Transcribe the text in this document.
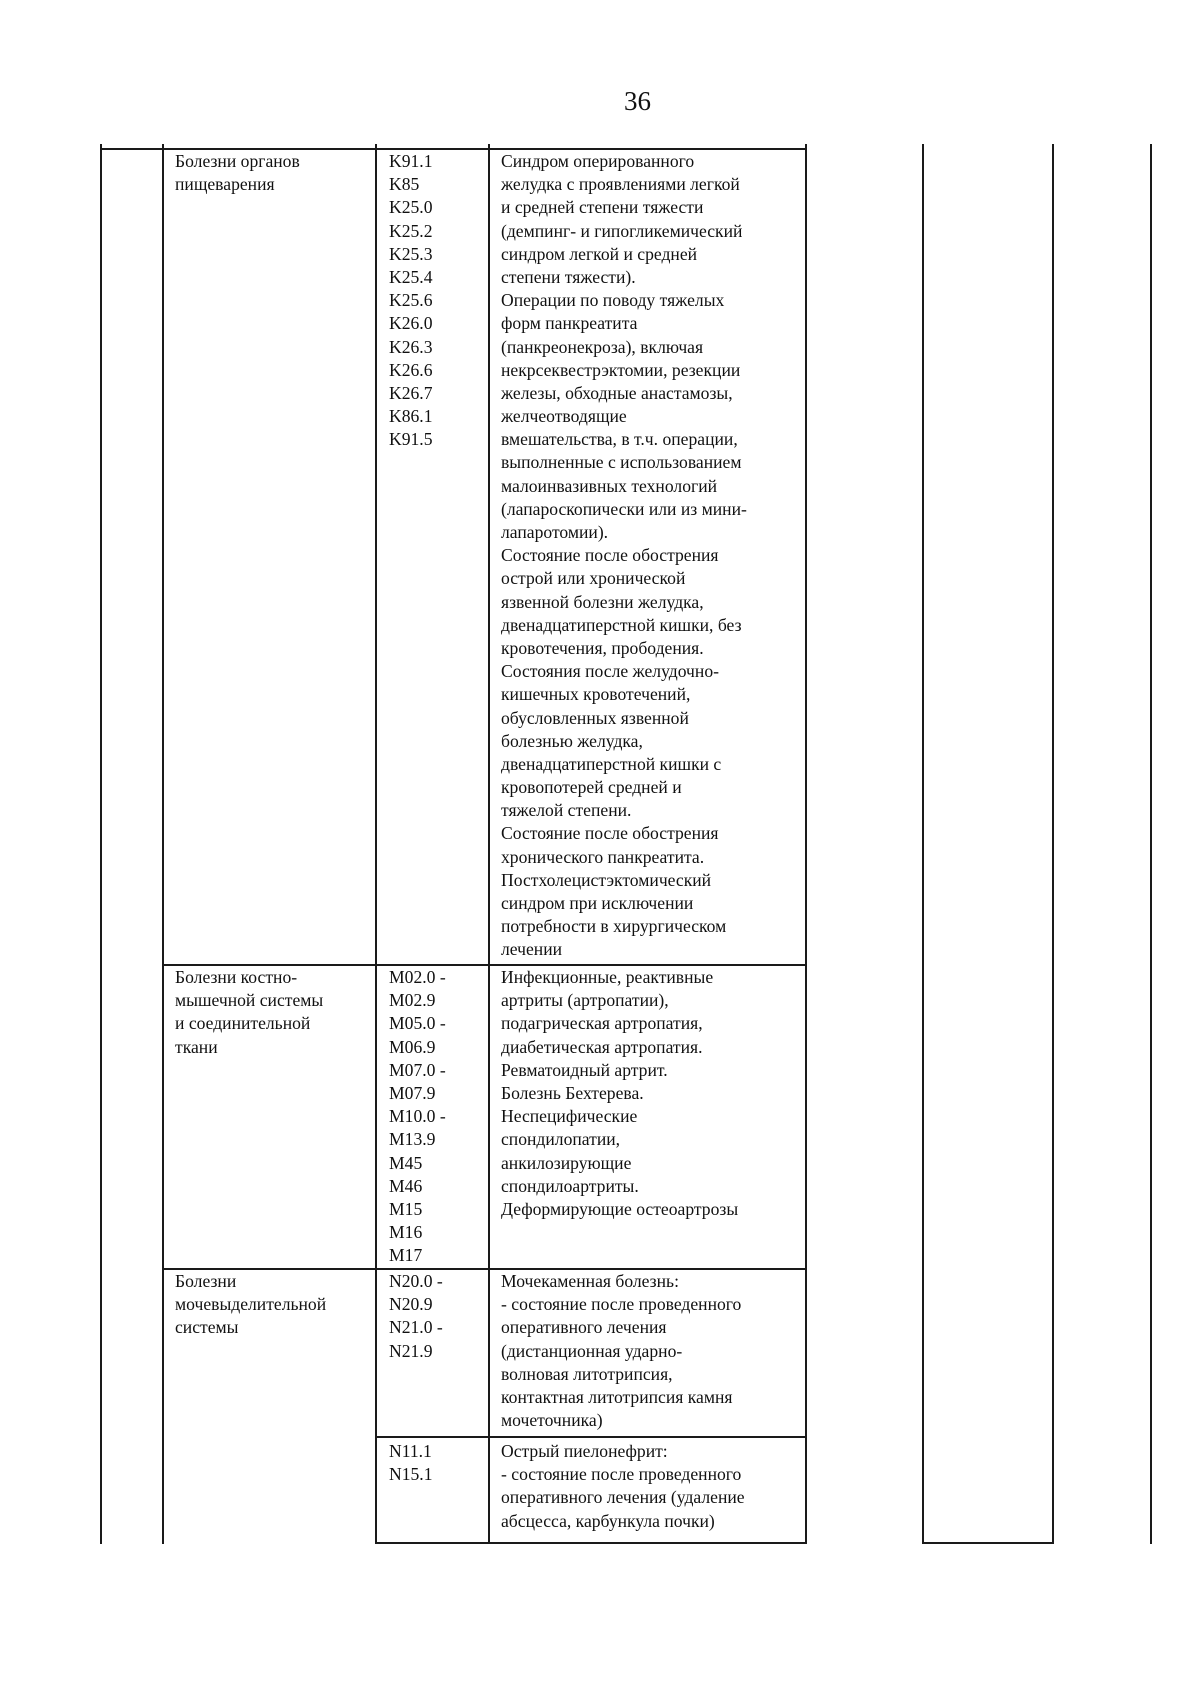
36
Болезни органов
пищеварения
K91.1
K85
K25.0
K25.2
K25.3
K25.4
K25.6
K26.0
K26.3
K26.6
K26.7
K86.1
K91.5
Синдром оперированного
желудка с проявлениями легкой
и средней степени тяжести
(демпинг- и гипогликемический
синдром легкой и средней
степени тяжести).
Операции по поводу тяжелых
форм панкреатита
(панкреонекроза), включая
некрсеквестрэктомии, резекции
железы, обходные анастамозы,
желчеотводящие
вмешательства, в т.ч. операции,
выполненные с использованием
малоинвазивных технологий
(лапароскопически или из мини-
лапаротомии).
Состояние после обострения
острой или хронической
язвенной болезни желудка,
двенадцатиперстной кишки, без
кровотечения, прободения.
Состояния после желудочно-
кишечных кровотечений,
обусловленных язвенной
болезнью желудка,
двенадцатиперстной кишки с
кровопотерей средней и
тяжелой степени.
Состояние после обострения
хронического панкреатита.
Постхолецистэктомический
синдром при исключении
потребности в хирургическом
лечении
Болезни костно-
мышечной системы
и соединительной
ткани
M02.0 -
M02.9
M05.0 -
M06.9
M07.0 -
M07.9
M10.0 -
M13.9
M45
M46
M15
M16
M17
Инфекционные, реактивные
артриты (артропатии),
подагрическая артропатия,
диабетическая артропатия.
Ревматоидный артрит.
Болезнь Бехтерева.
Неспецифические
спондилопатии,
анкилозирующие
спондилоартриты.
Деформирующие остеоартрозы
Болезни
мочевыделительной
системы
N20.0 -
N20.9
N21.0 -
N21.9
Мочекаменная болезнь:
- состояние после проведенного
оперативного лечения
(дистанционная ударно-
волновая литотрипсия,
контактная литотрипсия камня
мочеточника)
N11.1
N15.1
Острый пиелонефрит:
- состояние после проведенного
оперативного лечения (удаление
абсцесса, карбункула почки)
